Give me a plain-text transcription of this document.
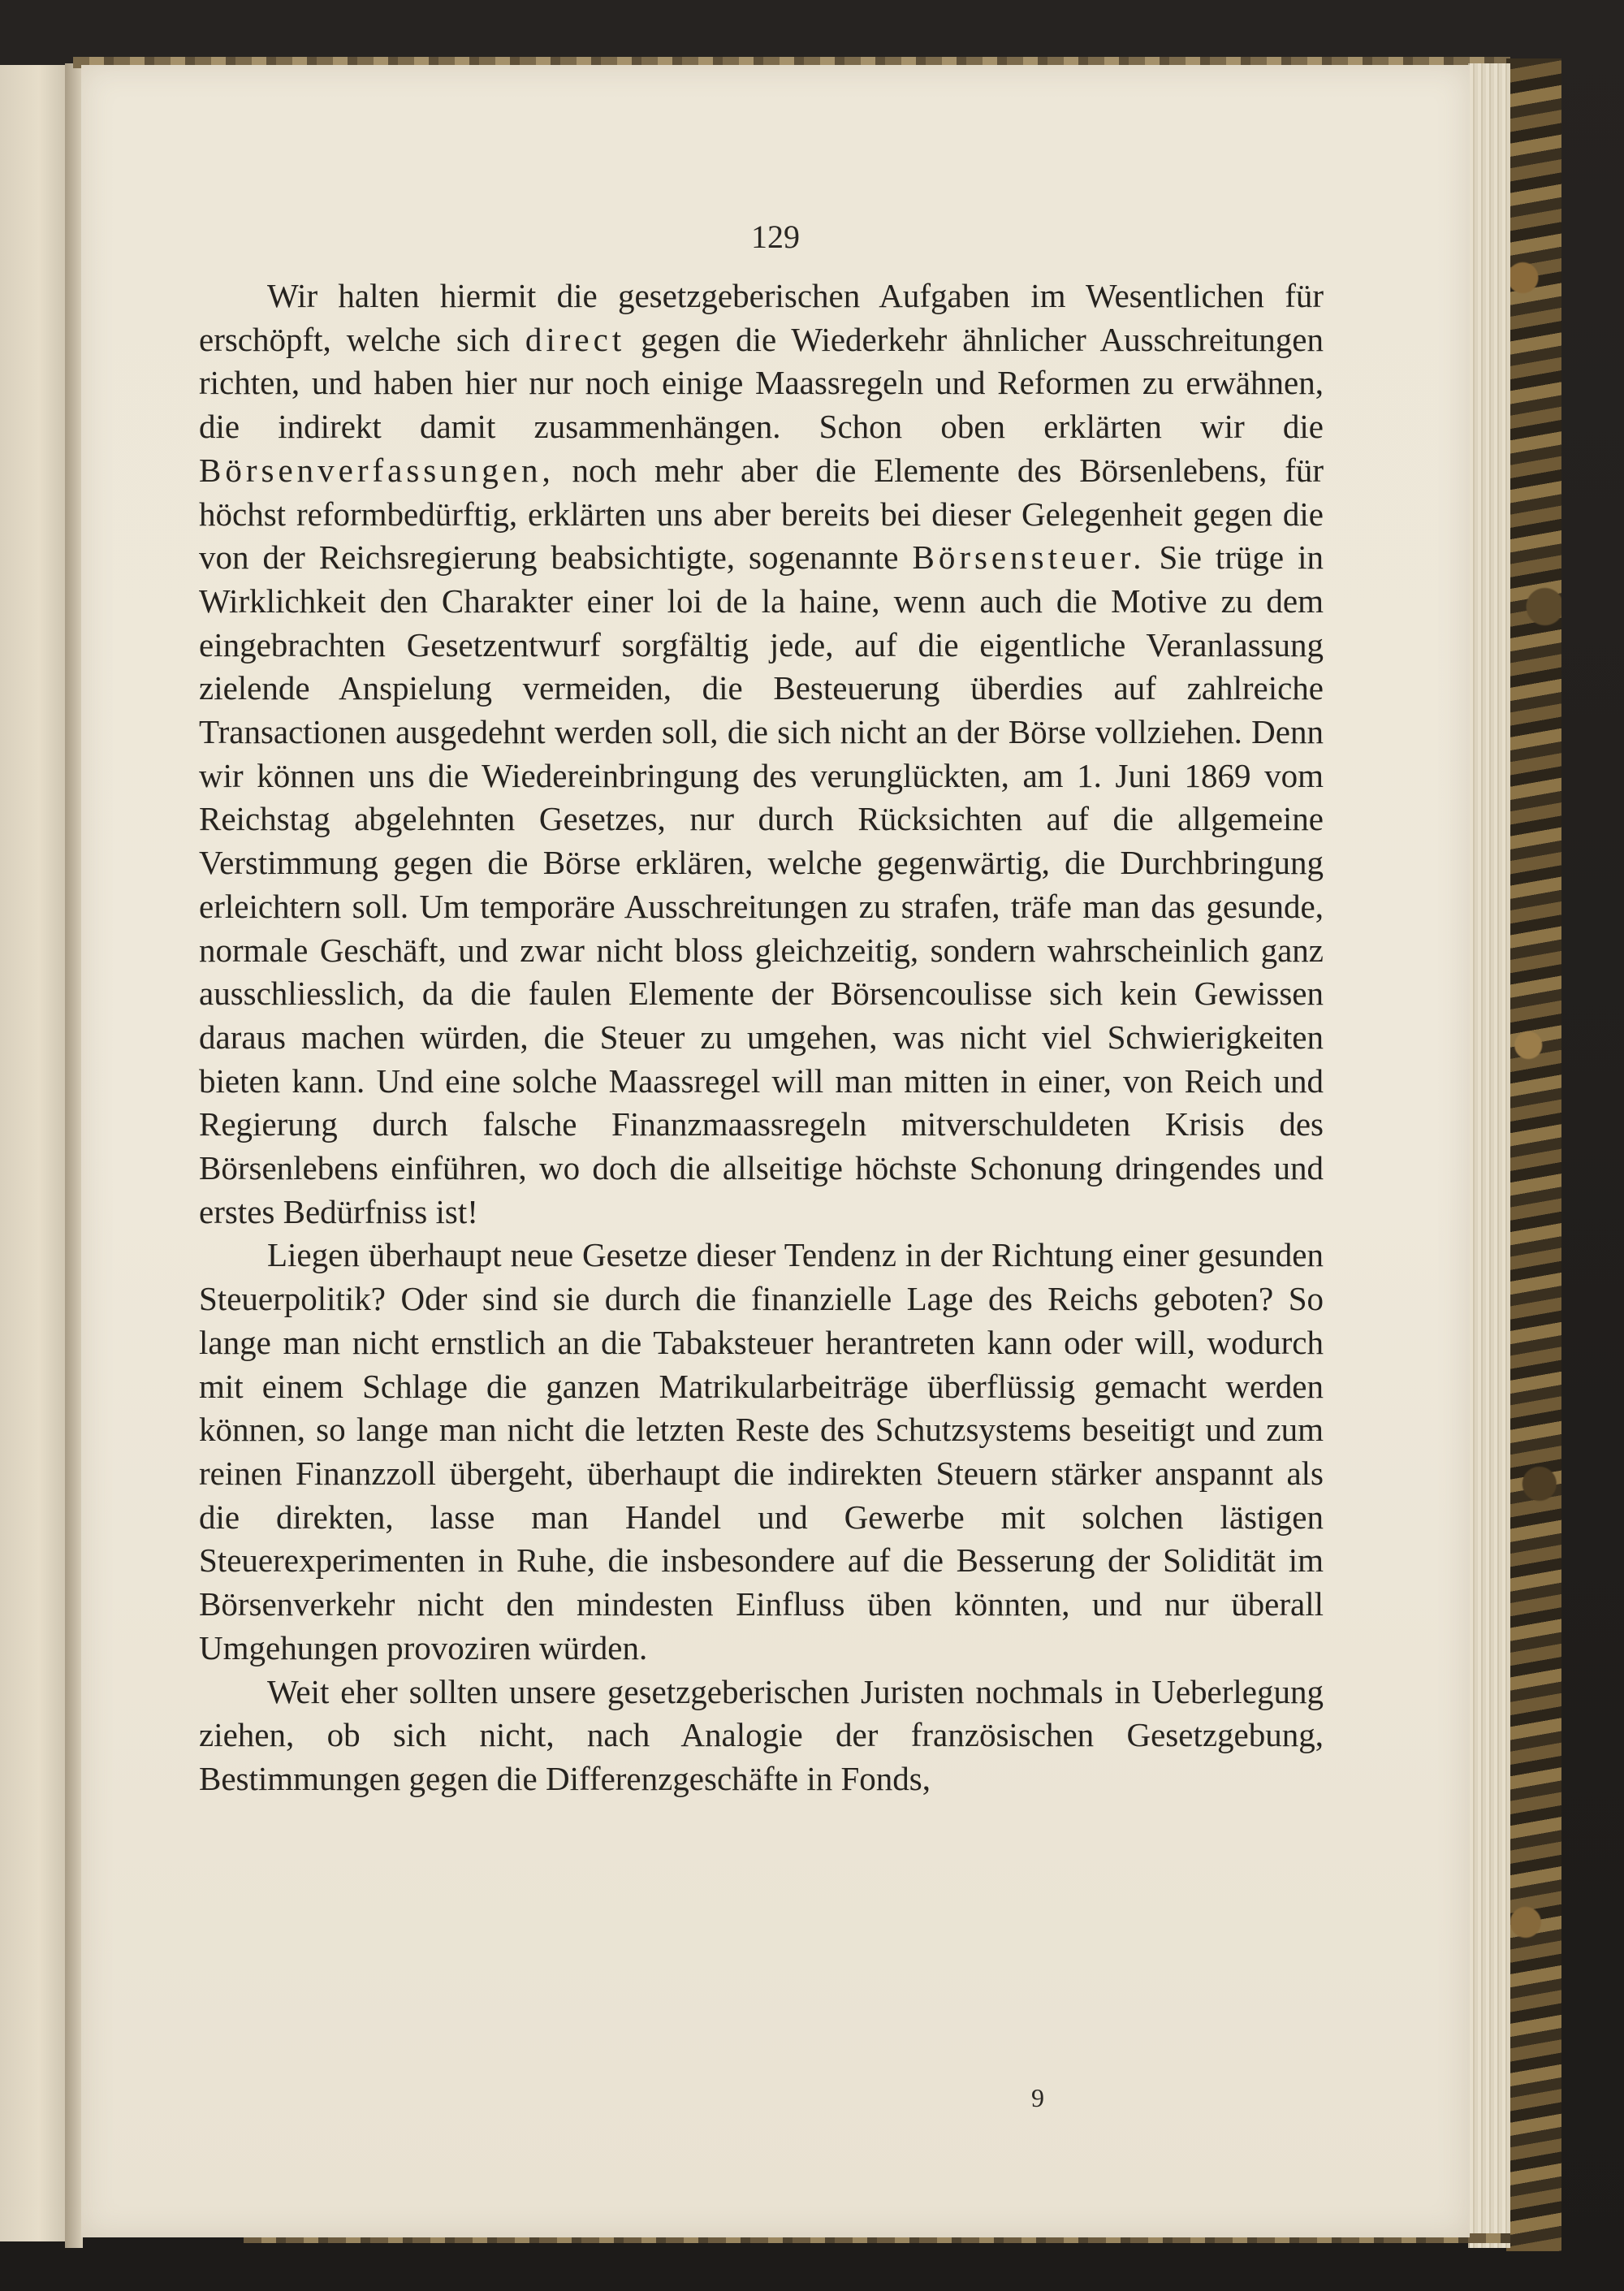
129

Wir halten hiermit die gesetzgeberischen Aufgaben im Wesentlichen für erschöpft, welche sich direct gegen die Wiederkehr ähnlicher Ausschreitungen richten, und haben hier nur noch einige Maassregeln und Reformen zu erwähnen, die indirekt damit zusammenhängen. Schon oben erklärten wir die Börsenverfassungen, noch mehr aber die Elemente des Börsenlebens, für höchst reformbedürftig, erklärten uns aber bereits bei dieser Gelegenheit gegen die von der Reichsregierung beabsichtigte, sogenannte Börsensteuer. Sie trüge in Wirklichkeit den Charakter einer loi de la haine, wenn auch die Motive zu dem eingebrachten Gesetzentwurf sorgfältig jede, auf die eigentliche Veranlassung zielende Anspielung vermeiden, die Besteuerung überdies auf zahlreiche Transactionen ausgedehnt werden soll, die sich nicht an der Börse vollziehen. Denn wir können uns die Wiedereinbringung des verunglückten, am 1. Juni 1869 vom Reichstag abgelehnten Gesetzes, nur durch Rücksichten auf die allgemeine Verstimmung gegen die Börse erklären, welche gegenwärtig, die Durchbringung erleichtern soll. Um temporäre Ausschreitungen zu strafen, träfe man das gesunde, normale Geschäft, und zwar nicht bloss gleichzeitig, sondern wahrscheinlich ganz ausschliesslich, da die faulen Elemente der Börsencoulisse sich kein Gewissen daraus machen würden, die Steuer zu umgehen, was nicht viel Schwierigkeiten bieten kann. Und eine solche Maassregel will man mitten in einer, von Reich und Regierung durch falsche Finanzmaassregeln mitverschuldeten Krisis des Börsenlebens einführen, wo doch die allseitige höchste Schonung dringendes und erstes Bedürfniss ist!

Liegen überhaupt neue Gesetze dieser Tendenz in der Richtung einer gesunden Steuerpolitik? Oder sind sie durch die finanzielle Lage des Reichs geboten? So lange man nicht ernstlich an die Tabaksteuer herantreten kann oder will, wodurch mit einem Schlage die ganzen Matrikularbeiträge überflüssig gemacht werden können, so lange man nicht die letzten Reste des Schutzsystems beseitigt und zum reinen Finanzzoll übergeht, überhaupt die indirekten Steuern stärker anspannt als die direkten, lasse man Handel und Gewerbe mit solchen lästigen Steuerexperimenten in Ruhe, die insbesondere auf die Besserung der Solidität im Börsenverkehr nicht den mindesten Einfluss üben könnten, und nur überall Umgehungen provoziren würden.

Weit eher sollten unsere gesetzgeberischen Juristen nochmals in Ueberlegung ziehen, ob sich nicht, nach Analogie der französischen Gesetzgebung, Bestimmungen gegen die Differenzgeschäfte in Fonds,

9
